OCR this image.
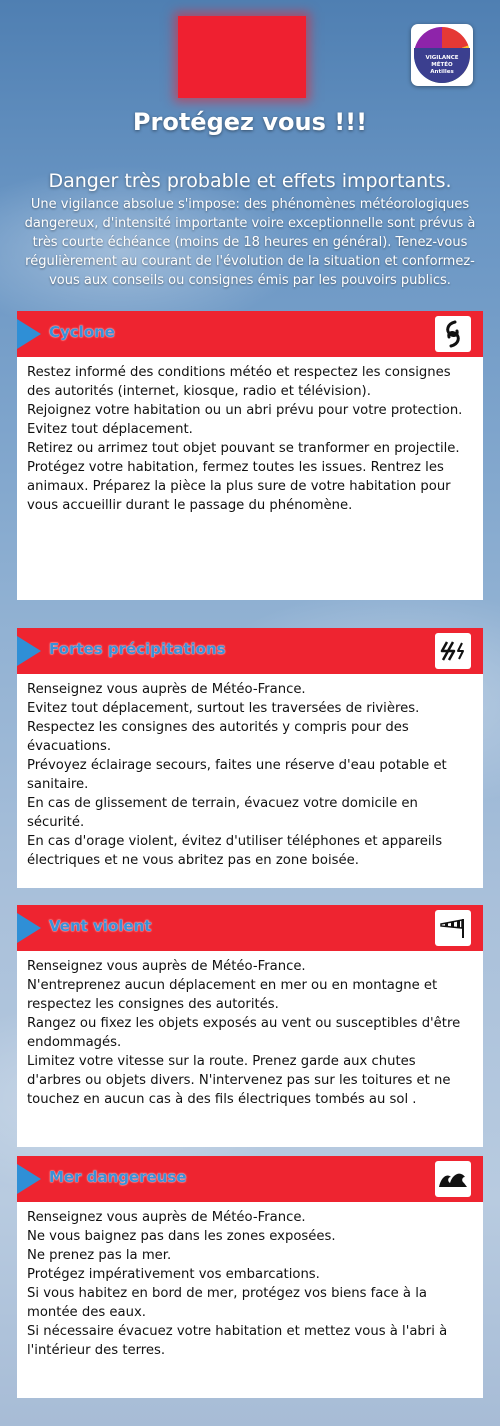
VIGILANCE
MÉTÉO
Antilles
Protégez vous !!!
Danger très probable et effets importants.
Une vigilance absolue s'impose: des phénomènes météorologiques dangereux, d'intensité importante voire exceptionnelle sont prévus à très courte échéance (moins de 18 heures en général). Tenez-vous régulièrement au courant de l'évolution de la situation et conformez-vous aux conseils ou consignes émis par les pouvoirs publics.
Cyclone

Restez informé des conditions météo et respectez les consignes des autorités (internet, kiosque, radio et télévision).

Rejoignez votre habitation ou un abri prévu pour votre protection.

Evitez tout déplacement.

Retirez ou arrimez tout objet pouvant se tranformer en projectile.

Protégez votre habitation, fermez toutes les issues. Rentrez les animaux. Préparez la pièce la plus sure de votre habitation pour vous accueillir durant le passage du phénomène.

Fortes précipitations

Renseignez vous auprès de Météo-France.

Evitez tout déplacement, surtout les traversées de rivières.

Respectez les consignes des autorités y compris pour des évacuations.

Prévoyez éclairage secours, faites une réserve d'eau potable et sanitaire.

En cas de glissement de terrain, évacuez votre domicile en sécurité.

En cas d'orage violent, évitez d'utiliser téléphones et appareils électriques et ne vous abritez pas en zone boisée.

Vent violent

Renseignez vous auprès de Météo-France.

N'entreprenez aucun déplacement en mer ou en montagne et respectez les consignes des autorités.

Rangez ou fixez les objets exposés au vent ou susceptibles d'être endommagés.

Limitez votre vitesse sur la route. Prenez garde aux chutes d'arbres ou objets divers. N'intervenez pas sur les toitures et ne touchez en aucun cas à des fils électriques tombés au sol .

Mer dangereuse

Renseignez vous auprès de Météo-France.

Ne vous baignez pas dans les zones exposées.

Ne prenez pas la mer.

Protégez impérativement vos embarcations.

Si vous habitez en bord de mer, protégez vos biens face à la montée des eaux.

Si nécessaire évacuez votre habitation et mettez vous à l'abri à l'intérieur des terres.
